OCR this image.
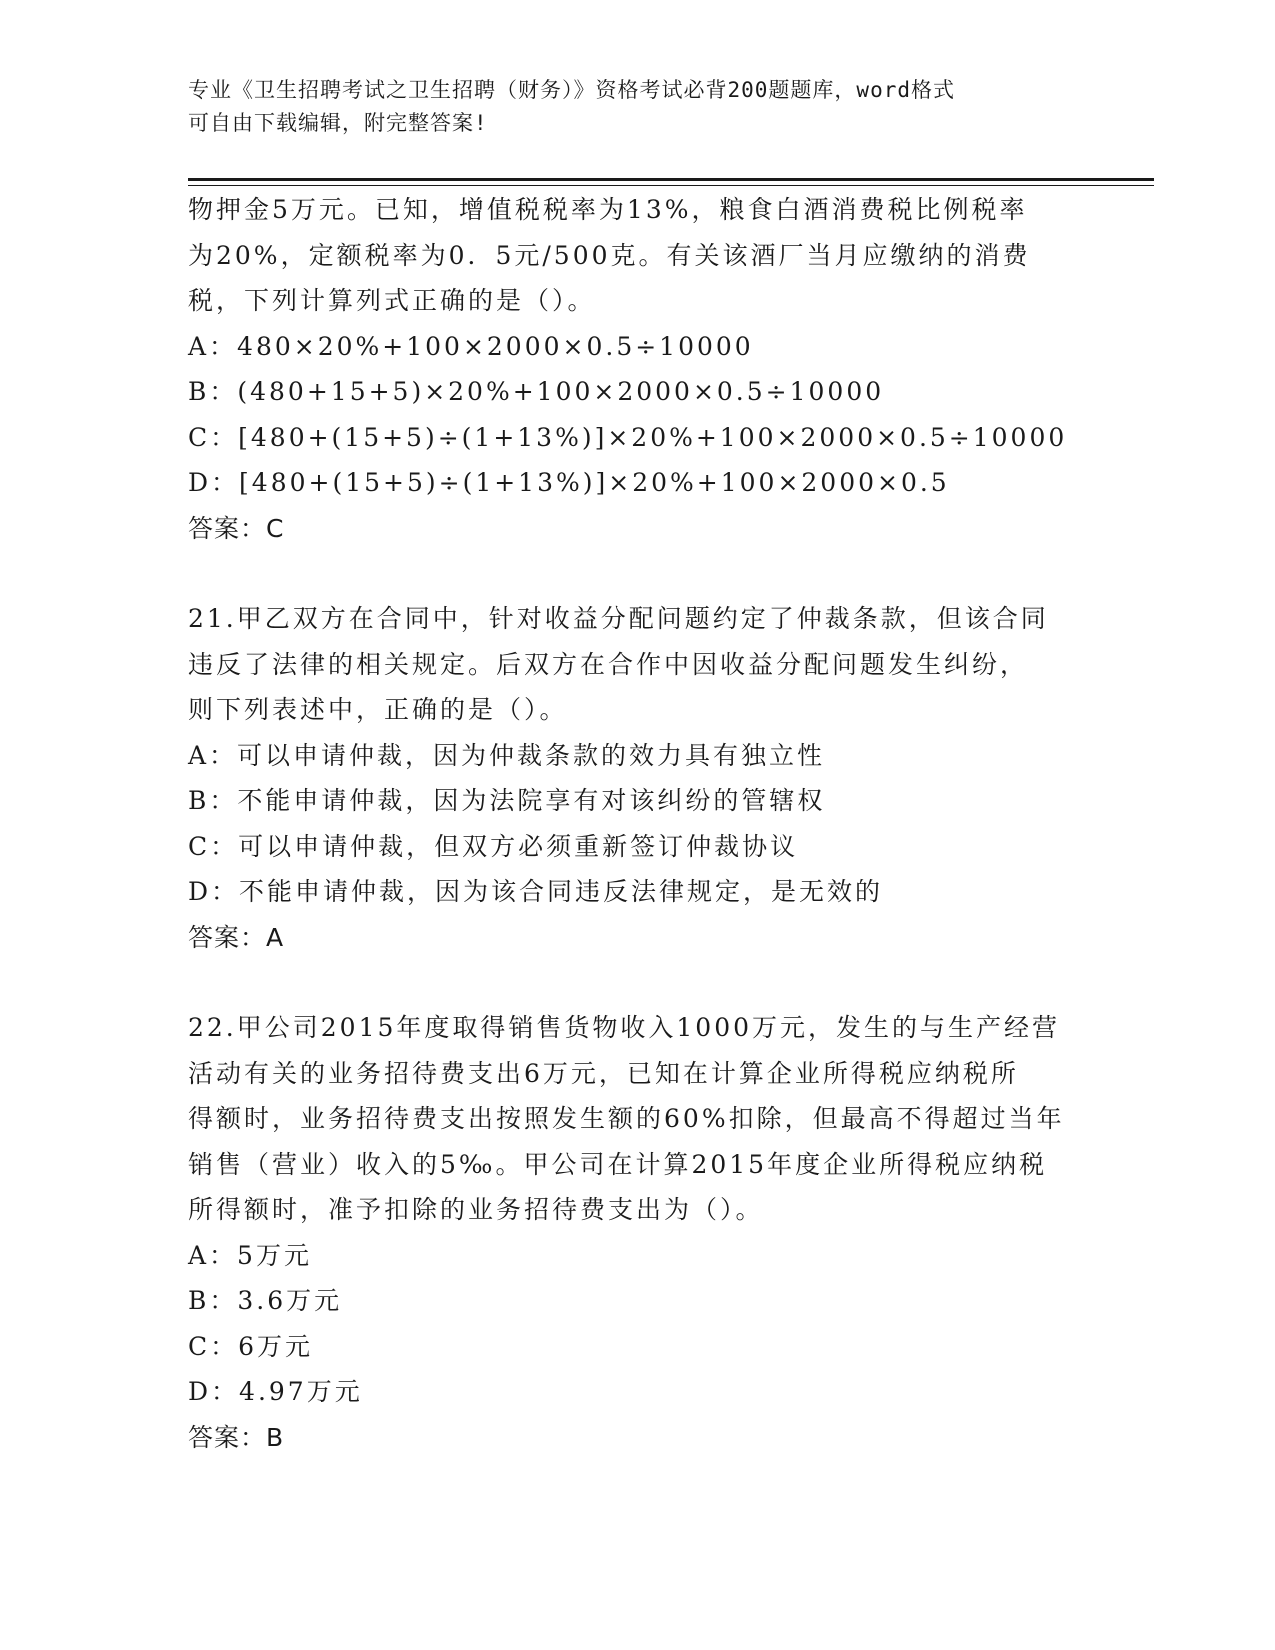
专业《卫生招聘考试之卫生招聘（财务）》资格考试必背200题题库，word格式
可自由下载编辑，附完整答案!
物押金5万元。已知，增值税税率为13%，粮食白酒消费税比例税率
为20%，定额税率为0．5元/500克。有关该酒厂当月应缴纳的消费
税，下列计算列式正确的是（）。
A：480×20%+100×2000×0.5÷10000
B：(480+15+5)×20%+100×2000×0.5÷10000
C：[480+(15+5)÷(1+13%)]×20%+100×2000×0.5÷10000
D：[480+(15+5)÷(1+13%)]×20%+100×2000×0.5
答案：C
21.甲乙双方在合同中，针对收益分配问题约定了仲裁条款，但该合同
违反了法律的相关规定。后双方在合作中因收益分配问题发生纠纷，
则下列表述中，正确的是（）。
A：可以申请仲裁，因为仲裁条款的效力具有独立性
B：不能申请仲裁，因为法院享有对该纠纷的管辖权
C：可以申请仲裁，但双方必须重新签订仲裁协议
D：不能申请仲裁，因为该合同违反法律规定，是无效的
答案：A
22.甲公司2015年度取得销售货物收入1000万元，发生的与生产经营
活动有关的业务招待费支出6万元，已知在计算企业所得税应纳税所
得额时，业务招待费支出按照发生额的60%扣除，但最高不得超过当年
销售（营业）收入的5‰。甲公司在计算2015年度企业所得税应纳税
所得额时，准予扣除的业务招待费支出为（）。
A：5万元
B：3.6万元
C：6万元
D：4.97万元
答案：B
